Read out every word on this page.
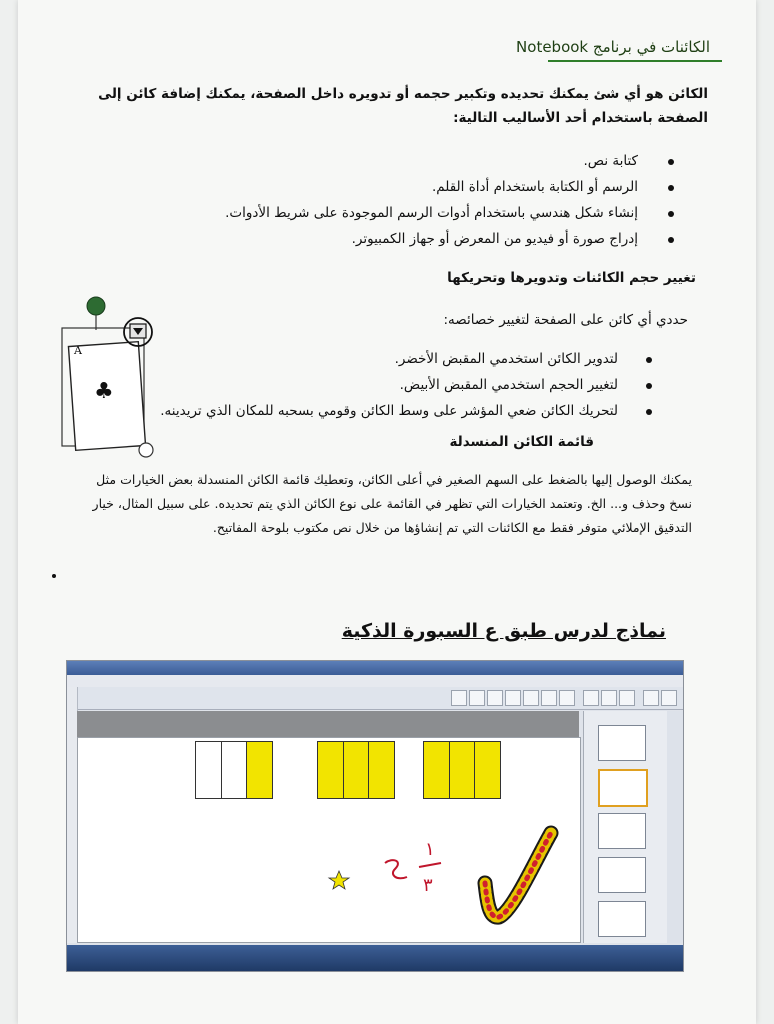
الكائنات في برنامج Notebook
الكائن هو أي شئ يمكنك تحديده وتكبير حجمه أو تدويره داخل الصفحة، يمكنك إضافة كائن إلى الصفحة باستخدام أحد الأساليب التالية:
كتابة نص.
الرسم أو الكتابة باستخدام أداة القلم.
إنشاء شكل هندسي باستخدام أدوات الرسم الموجودة على شريط الأدوات.
إدراج صورة أو فيديو من المعرض أو جهاز الكمبيوتر.
تغيير حجم الكائنات وتدويرها وتحريكها
A
♣
حددي أي كائن على الصفحة لتغيير خصائصه:
لتدوير الكائن استخدمي المقبض الأخضر.
لتغيير الحجم استخدمي المقبض الأبيض.
لتحريك الكائن ضعي المؤشر على وسط الكائن وقومي بسحبه للمكان الذي تريدينه.
قائمة الكائن المنسدلة
يمكنك الوصول إليها بالضغط على السهم الصغير في أعلى الكائن، وتعطيك قائمة الكائن المنسدلة بعض الخيارات مثل نسخ وحذف و... الخ. وتعتمد الخيارات التي تظهر في القائمة على نوع الكائن الذي يتم تحديده. على سبيل المثال، خيار التدقيق الإملائي متوفر فقط مع الكائنات التي تم إنشاؤها من خلال نص مكتوب بلوحة المفاتيح.
نماذج لدرس طبق ع السبورة الذكية
١
٣
